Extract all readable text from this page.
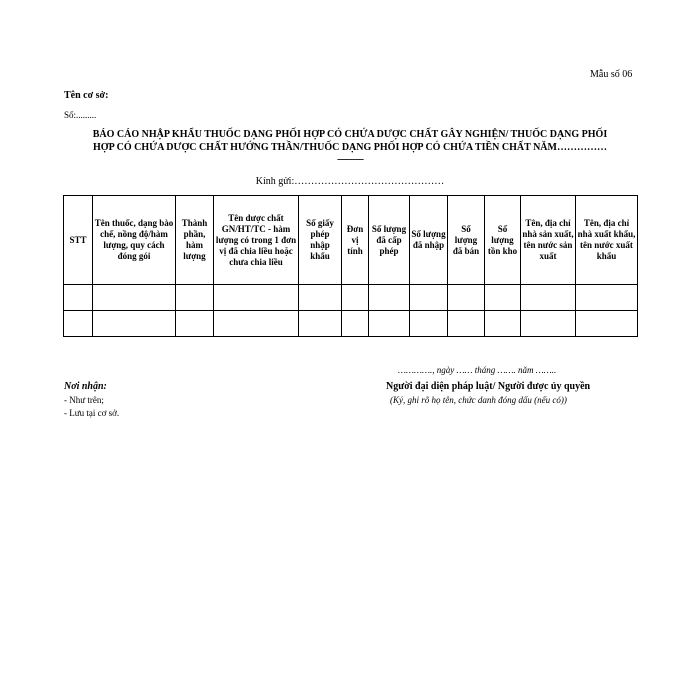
Mẫu số 06
Tên cơ sở:
Số:.........
BÁO CÁO NHẬP KHẨU THUỐC DẠNG PHỐI HỢP CÓ CHỨA DƯỢC CHẤT GÂY NGHIỆN/ THUỐC DẠNG PHỐI
HỢP CÓ CHỨA DƯỢC CHẤT HƯỚNG THẦN/THUỐC DẠNG PHỐI HỢP CÓ CHỨA TIỀN CHẤT NĂM……………
-------------
Kính gửi:………………………………………
STT	Tên thuốc, dạng bào chế, nồng độ/hàm lượng, quy cách đóng gói	Thành phần, hàm lượng	Tên dược chất GN/HT/TC - hàm lượng có trong 1 đơn vị đã chia liều hoặc chưa chia liều	Số giấy phép nhập khẩu	Đơn vị tính	Số lượng đã cấp phép	Số lượng đã nhập	Số lượng đã bán	Số lượng tồn kho	Tên, địa chỉ nhà sản xuất, tên nước sản xuất	Tên, địa chỉ nhà xuất khẩu, tên nước xuất khẩu

…………., ngày …… tháng ……. năm ……..
Người đại diện pháp luật/ Người được ủy quyền
(Ký, ghi rõ họ tên, chức danh đóng dấu (nếu có))
Nơi nhận:
- Như trên;
- Lưu tại cơ sở.
